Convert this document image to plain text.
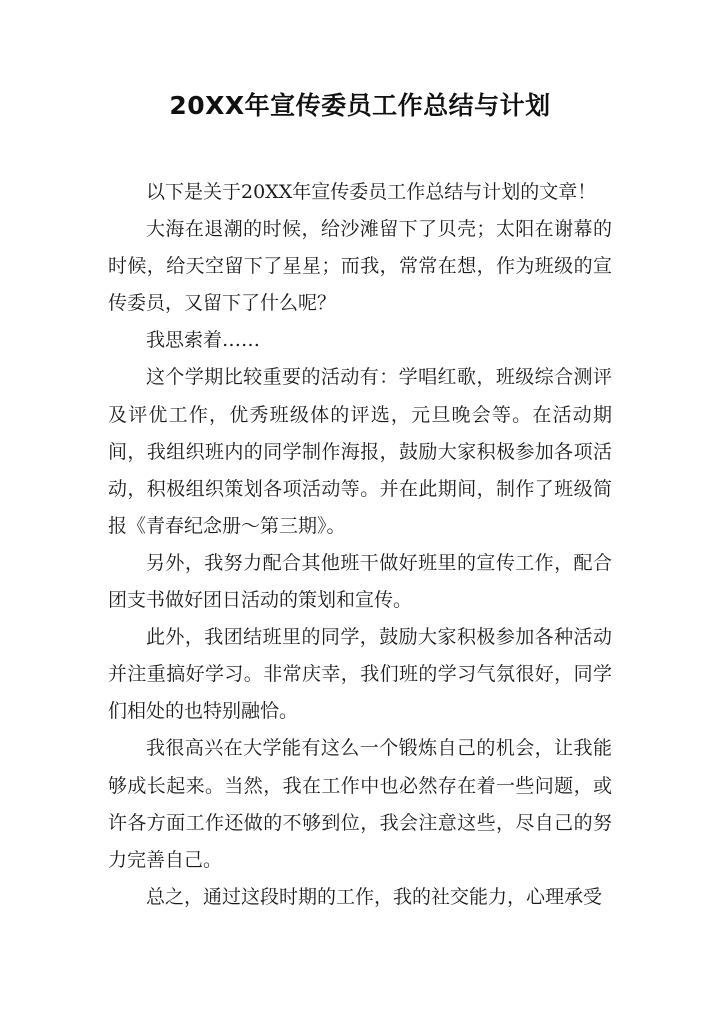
20XX年宣传委员工作总结与计划

以下是关于20XX年宣传委员工作总结与计划的文章！

大海在退潮的时候，给沙滩留下了贝壳；太阳在谢幕的时候，给天空留下了星星；而我，常常在想，作为班级的宣传委员，又留下了什么呢？

我思索着……

这个学期比较重要的活动有：学唱红歌，班级综合测评及评优工作，优秀班级体的评选，元旦晚会等。在活动期间，我组织班内的同学制作海报，鼓励大家积极参加各项活动，积极组织策划各项活动等。并在此期间，制作了班级简报《青春纪念册～第三期》。

另外，我努力配合其他班干做好班里的宣传工作，配合团支书做好团日活动的策划和宣传。

此外，我团结班里的同学，鼓励大家积极参加各种活动并注重搞好学习。非常庆幸，我们班的学习气氛很好，同学们相处的也特别融恰。

我很高兴在大学能有这么一个锻炼自己的机会，让我能够成长起来。当然，我在工作中也必然存在着一些问题，或许各方面工作还做的不够到位，我会注意这些，尽自己的努力完善自己。

总之，通过这段时期的工作，我的社交能力，心理承受
